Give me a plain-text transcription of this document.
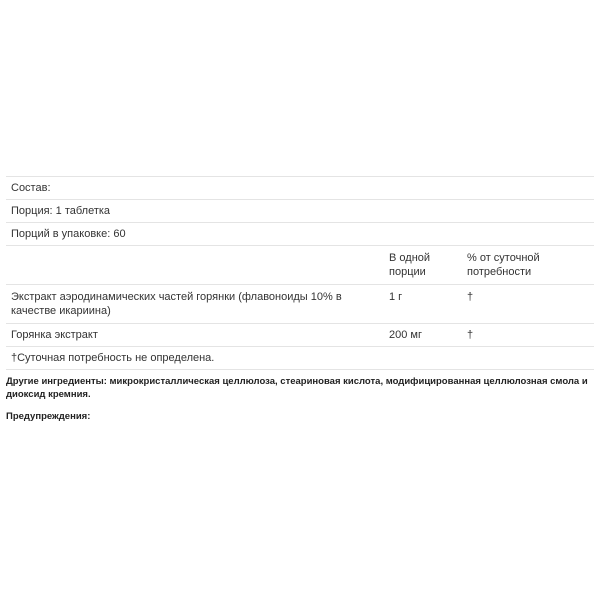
Состав:		
Порция: 1 таблетка		
Порций в упаковке: 60		
	В одной порции	% от суточной потребности
Экстракт аэродинамических частей горянки (флавоноиды 10% в качестве икариина)	1 г	†
Горянка экстракт	200 мг	†
†Суточная потребность не определена.		

Другие ингредиенты: микрокристаллическая целлюлоза, стеариновая кислота, модифицированная целлюлозная смола и диоксид кремния.

Предупреждения:
